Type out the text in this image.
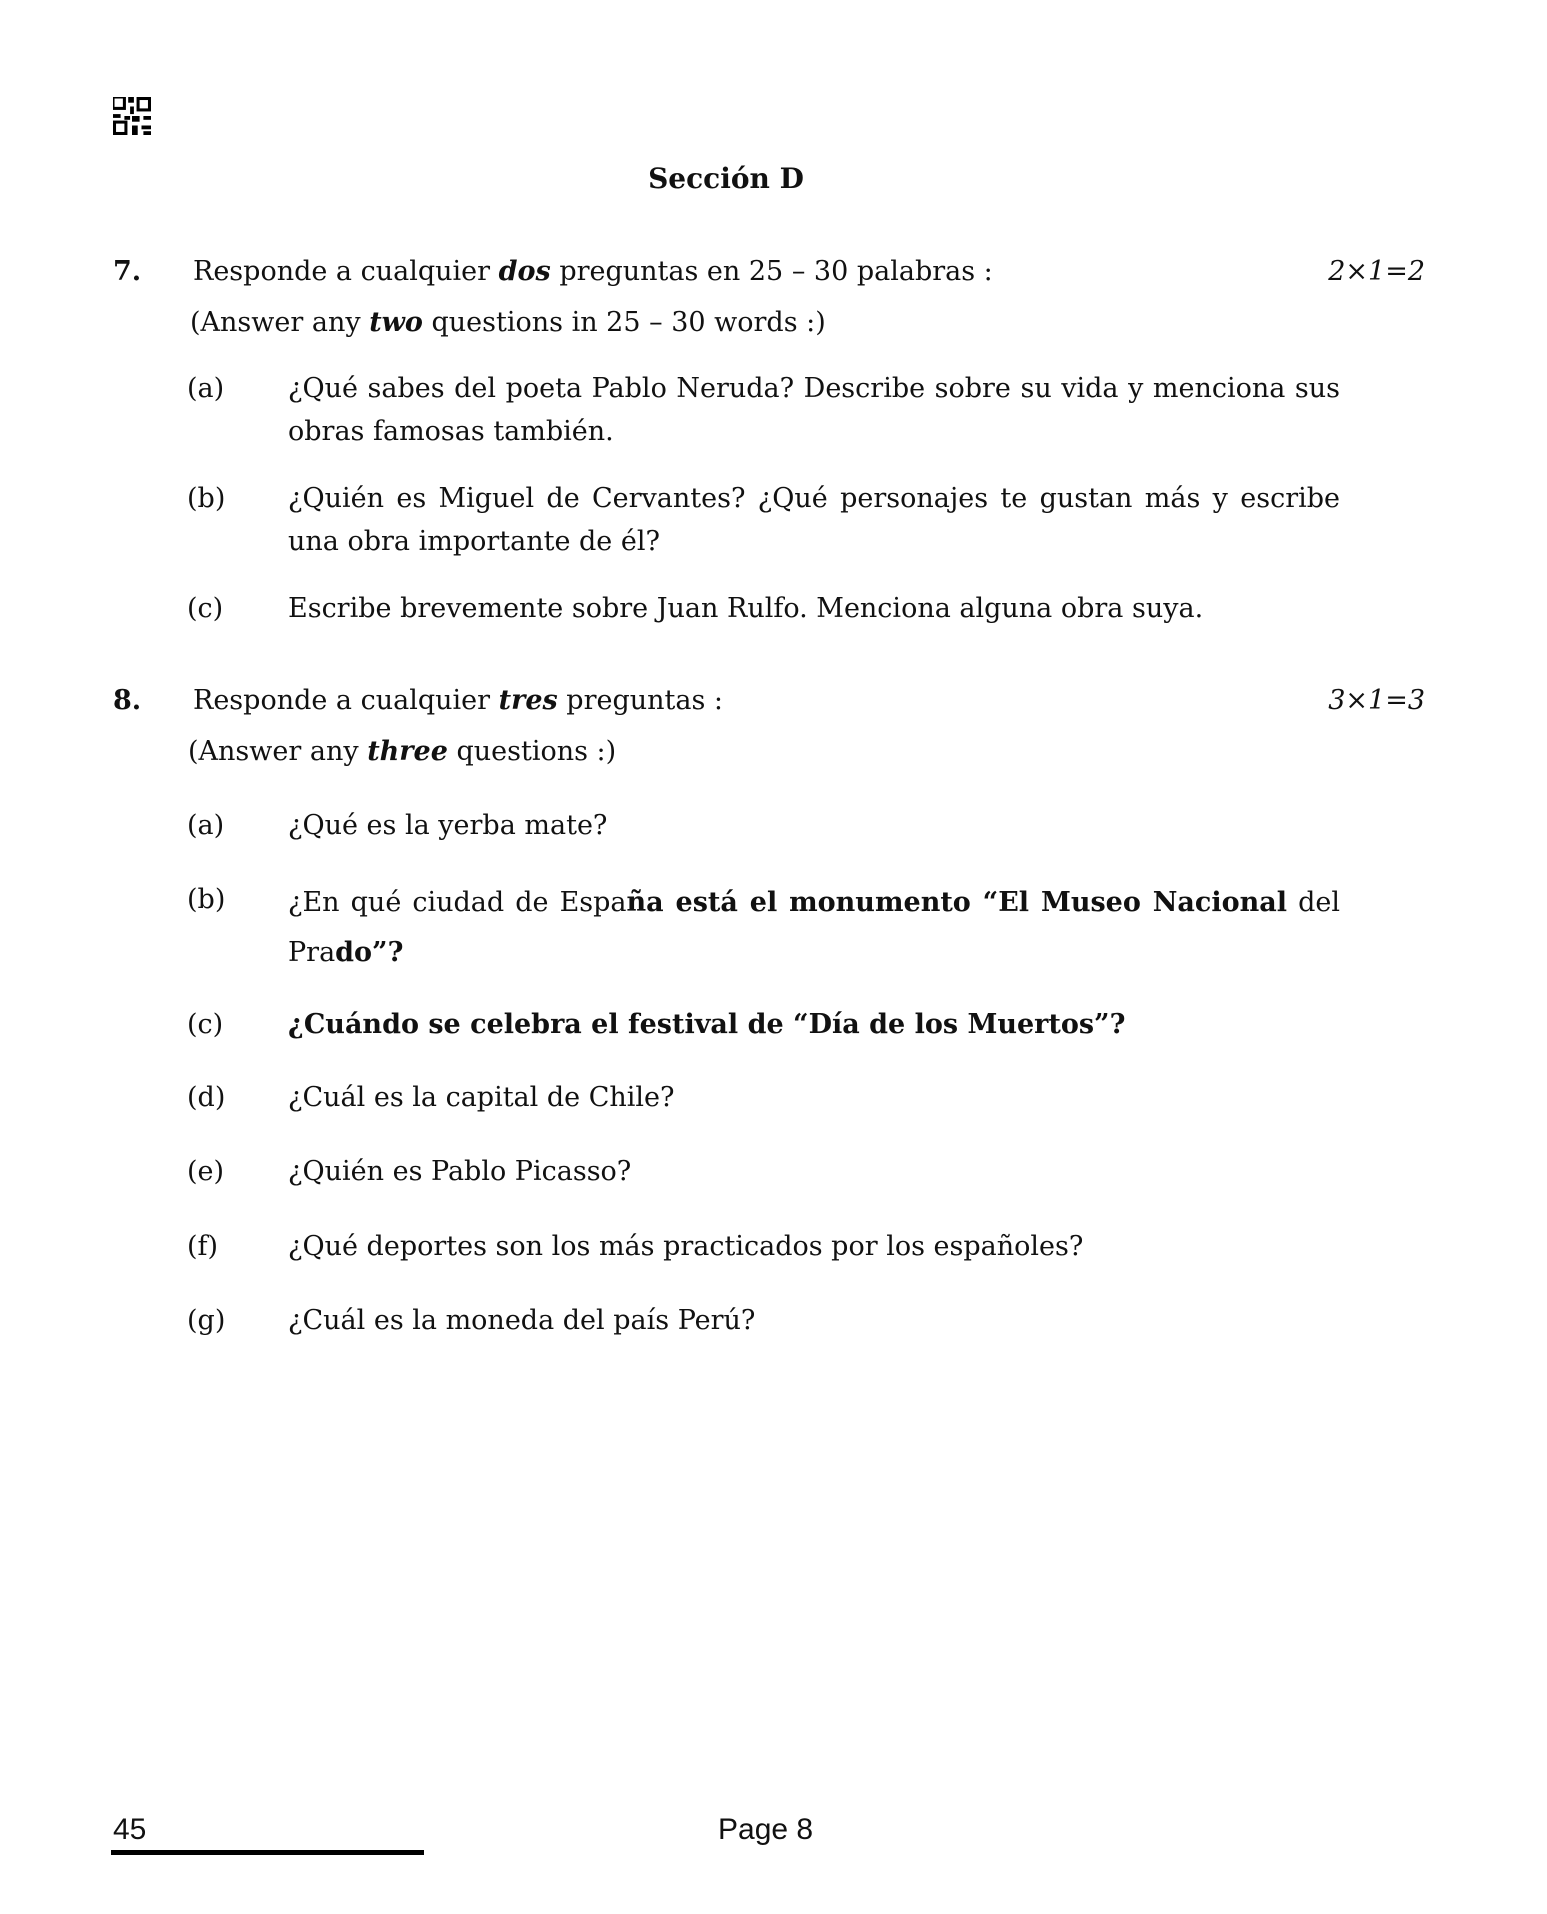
Sección D
7. Responde a cualquier dos preguntas en 25 – 30 palabras :	2×1=2
(Answer any two questions in 25 – 30 words :)
(a) ¿Qué sabes del poeta Pablo Neruda? Describe sobre su vida y menciona sus obras famosas también.
(b) ¿Quién es Miguel de Cervantes? ¿Qué personajes te gustan más y escribe una obra importante de él?
(c) Escribe brevemente sobre Juan Rulfo. Menciona alguna obra suya.
8. Responde a cualquier tres preguntas :	3×1=3
(Answer any three questions :)
(a) ¿Qué es la yerba mate?
(b) ¿En qué ciudad de España está el monumento “El Museo Nacional del Prado”?
(c) ¿Cuándo se celebra el festival de “Día de los Muertos”?
(d) ¿Cuál es la capital de Chile?
(e) ¿Quién es Pablo Picasso?
(f)	¿Qué deportes son los más practicados por los españoles?
(g) ¿Cuál es la moneda del país Perú?
45	Page 8
